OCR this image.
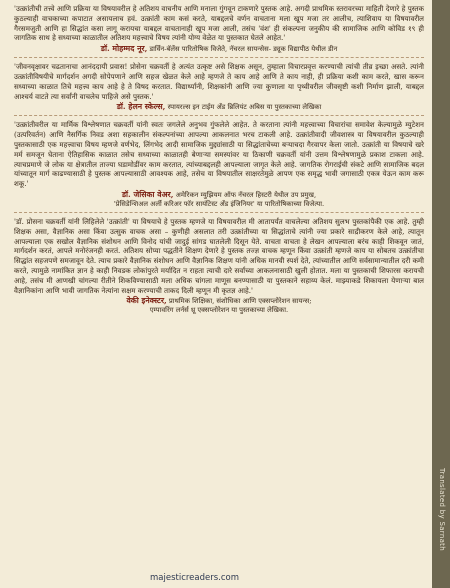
'उत्क्रांतीची तत्त्वे आणि प्रक्रिया या विषयावरील हे अतिशय वाचनीय आणि मनाला गुंगवून टाकणारे पुस्तक आहे. अगदी प्राथमिक स्तरावरच्या माहिती देणारे हे पुस्तक कुठल्याही वाचकाच्या कपाटात असायलाच हवं. उत्क्रांती काम कसं करते, याबद्दलचे वर्णन वाचताना मला खूप मजा तर आलीच, त्याशिवाय या विषयावरील गैरसमजुती आणि हा सिद्धांत कसा लागू करायचा याबद्दल वाचतानाही खूप मजा आली, तसंच 'वंश' ही संकल्पना जनुकीय की सामाजिक आणि कोविड १९ ही जागतिक साथ हे सध्याच्या काळातील अतिशय महत्त्वाचे विषय त्यांनी योग्य वेळेत या पुस्तकात घेतले आहेत.'

डॉ. मोहम्मद नूर, डार्विन-बॅलेंस पारितोषिक विजेते, नॅचरल सायन्सेस- ड्यूक विद्यापीठ येथील डीन

'जीवनवृक्षावर चढतानाचा आनंददायी प्रवास! प्रोसेना चक्रवर्ती हे अत्यंत उत्कृष्ट असे शिक्षक असून, तुम्हाला विचारप्रवृत्त करण्याची त्यांची तीव्र इच्छा असते. त्यांनी उत्क्रांतीविषयीचे मार्गदर्शन अगदी सोपेपणाने आणि सहज खेळत केले आहे म्हणजे ते काय आहे आणि ते काय नाही, ही प्रक्रिया कशी काम करते, खास करून सध्याच्या काळात तिचे महत्त्व काय आहे हे ते विषद करतात. विद्यार्थ्यांनी, शिक्षकांनी आणि ज्या कुणाला या पृथ्वीवरील जीवसृष्टी कशी निर्माण झाली, याबद्दल आश्चर्य वाटते त्या सर्वांनी वाचलेच पाहिजे असे पुस्तक.'

डॉ. हेलन स्केल्स, स्पायरल्स इन टाईम अँड ब्रिलियंट अबिस या पुस्तकाच्या लेखिका

'उत्क्रांतीवरील या मार्मिक विश्लेषणात चक्रवर्ती यांनी स्वतः जगलेले अनुभव गुंफलेले आहेत. ते करताना त्यांनी महत्त्वाच्या विचारांचा समावेश केल्यामुळे म्युटेशन (उत्परिवर्तन) आणि नैसर्गिक निवड अशा सहकालीन संकल्पनांच्या आपल्या आकलनात भरच टाकली आहे. उत्क्रांतीवादी जीवशास्त्र या विषयावरील कुठल्याही पुस्तकासाठी एक महत्त्वाचा विषय म्हणजे वर्णभेद, लिंगभेद आदी सामाजिक मुद्द्यांसाठी या सिद्धांताचेच्या बऱ्याचदा गैरवापर केला जातो. उत्क्रांती या विषयाचे खरे मर्म समजून घेताना ऐतिहासिक काळात तसेच सध्याच्या काळातही बेणाऱ्या समस्यांवर या ठिकाणी चक्रवर्ती यांनी उत्तम विश्लेषणामुळे प्रकाश टाकला आहे. त्याचप्रमाणे जे लोक या क्षेत्रातील ताज्या घडामोडींवर काम करतात, त्यांच्याबद्दलही आपल्याला जागृत केले आहे. जागतिक रोगराईची संकटे आणि सामाजिक बदल यांच्यातून मार्ग काढण्यासाठी हे पुस्तक आपल्यासाठी आवश्यक आहे, तसेच या विषयातील साक्षरतेमुळे आपण एक समृद्ध भावी जगासाठी एकत्र येऊन काम करू शकू.'

डॉ. जेसिका वेअर, अमेरिकन म्युझियम ऑफ नॅचरल हिस्टरी येथील उप प्रमुख,
'प्रेसिडेन्शिअल अर्ली करिअर फॉर सायंटिस्ट अँड इंजिनियर' या पारितोषिकाच्या विजेत्या.

'डॉ. प्रोसना चक्रवर्ती यांनी लिहिलेले 'उत्क्रांती' या विषयाचे हे पुस्तक म्हणजे या विषयावरील मी आतापर्यंत वाचलेल्या अतिशय सुलभ पुस्तकांपैकी एक आहे. तुम्ही शिक्षक असा, वैज्ञानिक असा किंवा उत्सुक वाचक असा – कुणीही असलात तरी उत्क्रांतीच्या या सिद्धांताचे त्यांनी ज्या प्रकारे साद्रीकरण केले आहे, त्यातून आपल्याला एक सखोल वैज्ञानिक संशोधन आणि विनोद यांची जादुई सांगड घातलेली दिसून येते. वाचता वाचता हे लेखन आपल्याला बरंच काही शिकवून जातं, मार्गदर्शन करतं, आपले मनोरंजनही करतं. अतिशय सोप्या पद्धतीने शिक्षण देणारे हे पुस्तक तज्ज्ञ वाचक म्हणून किंवा उत्क्रांती म्हणजे काय या सोबतच उत्क्रांतीचा सिद्धांत सहजपणे समजावून देते. त्याच प्रकारे वैज्ञानिक संशोधन आणि वैज्ञानिक शिक्षण यांनी अधिक मानवी स्पर्श देते, त्यांच्यातील आणि सर्वसामान्यातील दरी कमी करते, त्यामुळे नामांकित ज्ञान हे काही निवडक लोकांपुरते मर्यादित न राहता त्याची दारे सर्वांच्या आकलनासाठी खुली होतात. मला या पुस्तकाची शिफारस करायची आहे, तसंच मी आणखी चांगल्या रीतीने शिकविण्यासाठी मला अधिक चांगला माणूस बनण्यासाठी या पुस्तकाने सहाय्य केलं. माझ्याकडे शिकायला येणाऱ्या बाल वैज्ञानिकांना आणि भावी जागतिक नेत्यांना सक्षम करण्याची ताकद दिली म्हणून मी कृतज्ञ आहे.'

वेकी इनेक्स्टर, प्राथमिक शिक्षिका, संशोधिका आणि एक्सप्लोरेशन सायन्स;
एम्पावरिंग लर्नर्स थ्रू एक्सप्लोरेशन या पुस्तकाच्या लेखिका.
Translated by Sarnath
majesticreaders.com
